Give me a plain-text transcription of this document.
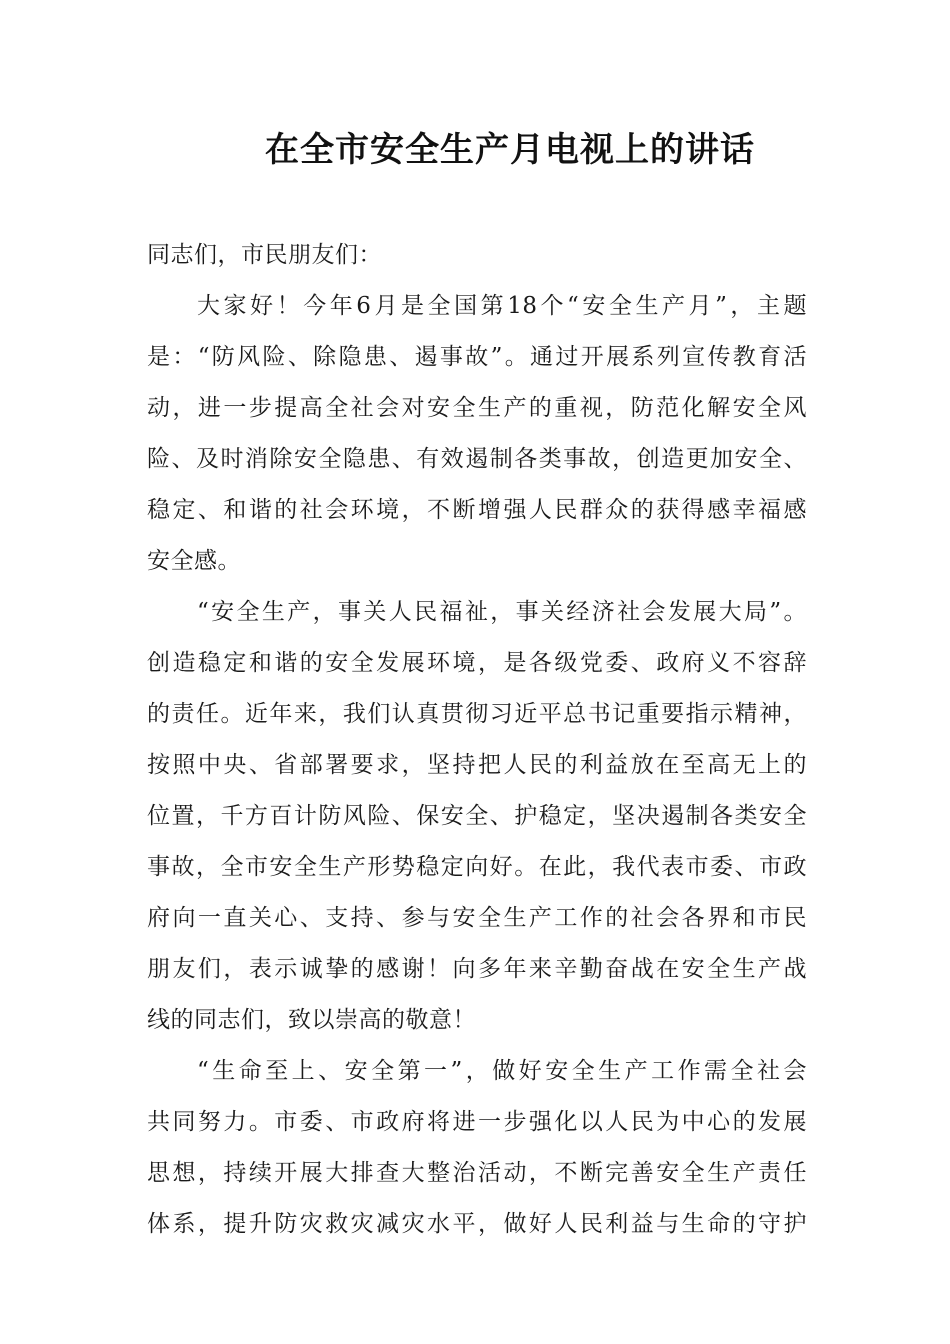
在全市安全生产月电视上的讲话
同志们，市民朋友们：
大家好！今年6月是全国第18个“安全生产月”，主题
是：“防风险、除隐患、遏事故”。通过开展系列宣传教育活
动，进一步提高全社会对安全生产的重视，防范化解安全风
险、及时消除安全隐患、有效遏制各类事故，创造更加安全、
稳定、和谐的社会环境，不断增强人民群众的获得感幸福感
安全感。
“安全生产，事关人民福祉，事关经济社会发展大局”。
创造稳定和谐的安全发展环境，是各级党委、政府义不容辞
的责任。近年来，我们认真贯彻习近平总书记重要指示精神，
按照中央、省部署要求，坚持把人民的利益放在至高无上的
位置，千方百计防风险、保安全、护稳定，坚决遏制各类安全
事故，全市安全生产形势稳定向好。在此，我代表市委、市政
府向一直关心、支持、参与安全生产工作的社会各界和市民
朋友们，表示诚挚的感谢！向多年来辛勤奋战在安全生产战
线的同志们，致以崇高的敬意！
“生命至上、安全第一”，做好安全生产工作需全社会
共同努力。市委、市政府将进一步强化以人民为中心的发展
思想，持续开展大排查大整治活动，不断完善安全生产责任
体系，提升防灾救灾减灾水平，做好人民利益与生命的守护
